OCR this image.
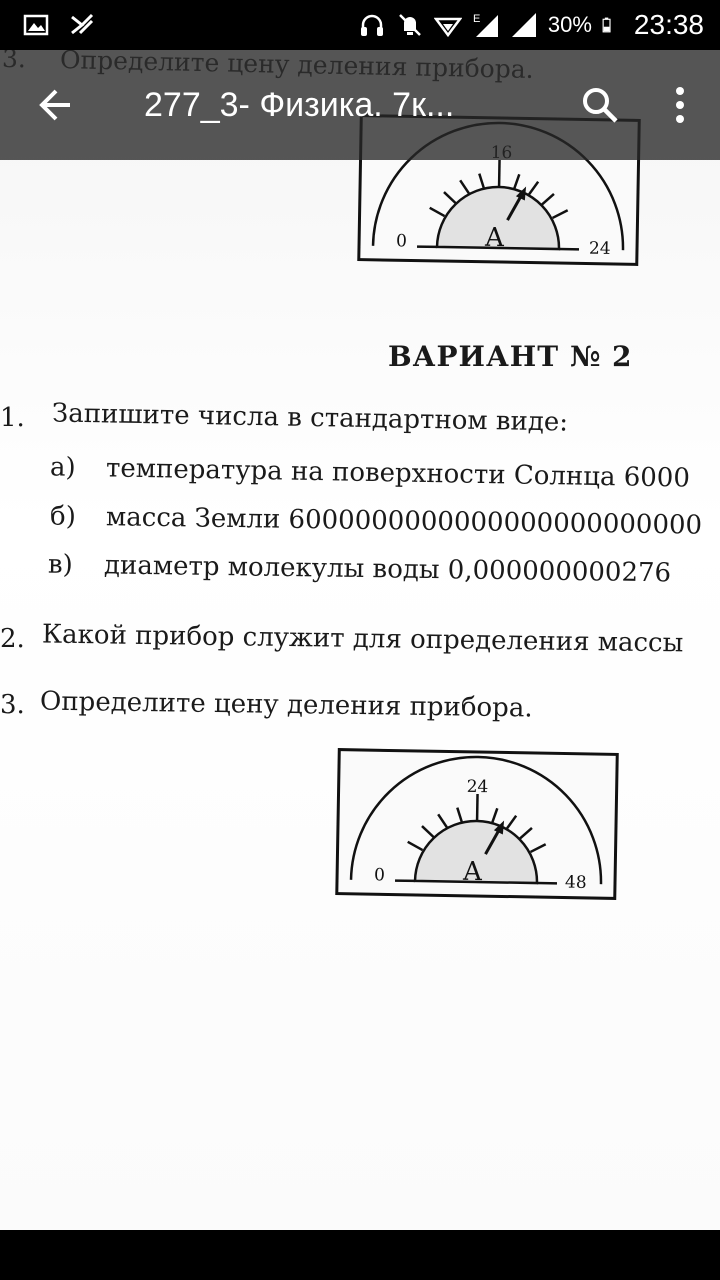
E	30% 23:38
0	24
A
ВАРИАНТ № 2
1. Запишите числа в стандартном виде:
а) температура на поверхности Солнца 6000
б) масса Земли 6000000000000000000000000
в) диаметр молекулы воды 0,000000000276
2. Какой прибор служит для определения массы
3. Определите цену деления прибора.
0
24
48
A
277_3- Физика. 7к...
